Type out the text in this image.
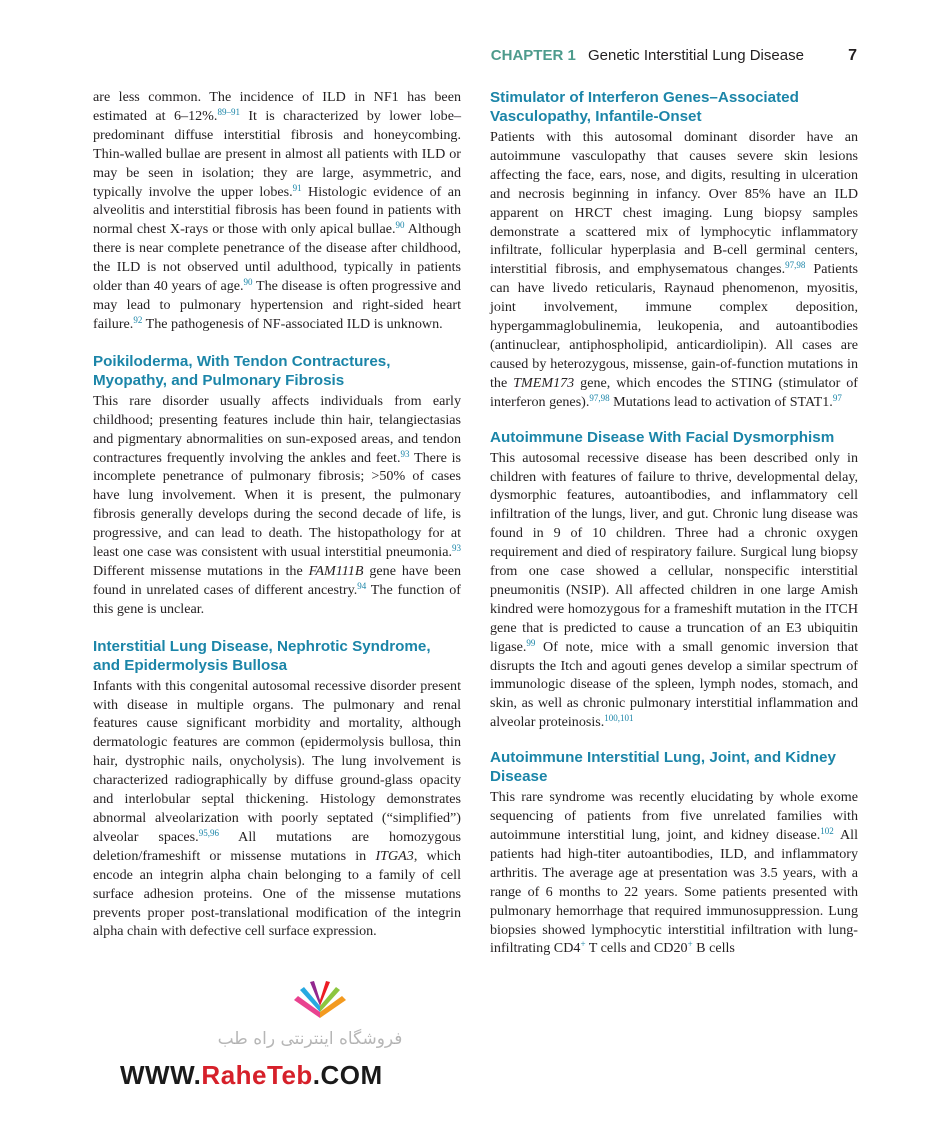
CHAPTER 1 Genetic Interstitial Lung Disease	7

are less common. The incidence of ILD in NF1 has been estimated at 6–12%.$^{89-91}$ It is characterized by lower lobe–predominant diffuse interstitial fibrosis and honeycombing. Thin-walled bullae are present in almost all patients with ILD or may be seen in isolation; they are large, asymmetric, and typically involve the upper lobes.$^{91}$ Histologic evidence of an alveolitis and interstitial fibrosis has been found in patients with normal chest X-rays or those with only apical bullae.$^{90}$ Although there is near complete penetrance of the disease after childhood, the ILD is not observed until adulthood, typically in patients older than 40 years of age.$^{90}$ The disease is often progressive and may lead to pulmonary hypertension and right-sided heart failure.$^{92}$ The pathogenesis of NF-associated ILD is unknown.

Poikiloderma, With Tendon Contractures, Myopathy, and Pulmonary Fibrosis

This rare disorder usually affects individuals from early childhood; presenting features include thin hair, telangiectasias and pigmentary abnormalities on sun-exposed areas, and tendon contractures frequently involving the ankles and feet.$^{93}$ There is incomplete penetrance of pulmonary fibrosis; >50% of cases have lung involvement. When it is present, the pulmonary fibrosis generally develops during the second decade of life, is progressive, and can lead to death. The histopathology for at least one case was consistent with usual interstitial pneumonia.$^{93}$ Different missense mutations in the FAM111B gene have been found in unrelated cases of different ancestry.$^{94}$ The function of this gene is unclear.

Interstitial Lung Disease, Nephrotic Syndrome, and Epidermolysis Bullosa

Infants with this congenital autosomal recessive disorder present with disease in multiple organs. The pulmonary and renal features cause significant morbidity and mortality, although dermatologic features are common (epidermolysis bullosa, thin hair, dystrophic nails, onycholysis). The lung involvement is characterized radiographically by diffuse ground-glass opacity and interlobular septal thickening. Histology demonstrates abnormal alveolarization with poorly septated (“simplified”) alveolar spaces.$^{95,96}$ All mutations are homozygous deletion/frameshift or missense mutations in ITGA3, which encode an integrin alpha chain belonging to a family of cell surface adhesion proteins. One of the missense mutations prevents proper post-translational modification of the integrin alpha chain with defective cell surface expression.

Stimulator of Interferon Genes–Associated Vasculopathy, Infantile-Onset

Patients with this autosomal dominant disorder have an autoimmune vasculopathy that causes severe skin lesions affecting the face, ears, nose, and digits, resulting in ulceration and necrosis beginning in infancy. Over 85% have an ILD apparent on HRCT chest imaging. Lung biopsy samples demonstrate a scattered mix of lymphocytic inflammatory infiltrate, follicular hyperplasia and B-cell germinal centers, interstitial fibrosis, and emphysematous changes.$^{97,98}$ Patients can have livedo reticularis, Raynaud phenomenon, myositis, joint involvement, immune complex deposition, hypergammaglobulinemia, leukopenia, and autoantibodies (antinuclear, antiphospholipid, anticardiolipin). All cases are caused by heterozygous, missense, gain-of-function mutations in the TMEM173 gene, which encodes the STING (stimulator of interferon genes).$^{97,98}$ Mutations lead to activation of STAT1.97

Autoimmune Disease With Facial Dysmorphism

This autosomal recessive disease has been described only in children with features of failure to thrive, developmental delay, dysmorphic features, autoantibodies, and inflammatory cell infiltration of the lungs, liver, and gut. Chronic lung disease was found in 9 of 10 children. Three had a chronic oxygen requirement and died of respiratory failure. Surgical lung biopsy from one case showed a cellular, nonspecific interstitial pneumonitis (NSIP). All affected children in one large Amish kindred were homozygous for a frameshift mutation in the ITCH gene that is predicted to cause a truncation of an E3 ubiquitin ligase.$^{99}$ Of note, mice with a small genomic inversion that disrupts the Itch and agouti genes develop a similar spectrum of immunologic disease of the spleen, lymph nodes, stomach, and skin, as well as chronic pulmonary interstitial inflammation and alveolar proteinosis.$^{100,101}$

Autoimmune Interstitial Lung, Joint, and Kidney Disease

This rare syndrome was recently elucidating by whole exome sequencing of patients from five unrelated families with autoimmune interstitial lung, joint, and kidney disease.$^{102}$ All patients had high-titer autoantibodies, ILD, and inflammatory arthritis. The average age at presentation was 3.5 years, with a range of 6 months to 22 years. Some patients presented with pulmonary hemorrhage that required immunosuppression. Lung biopsies showed lymphocytic interstitial infiltration with lung-infiltrating CD4+ T cells and CD20+ B cells

فروشگاه اینترنتی راه طب
WWW.RaheTeb.COM
